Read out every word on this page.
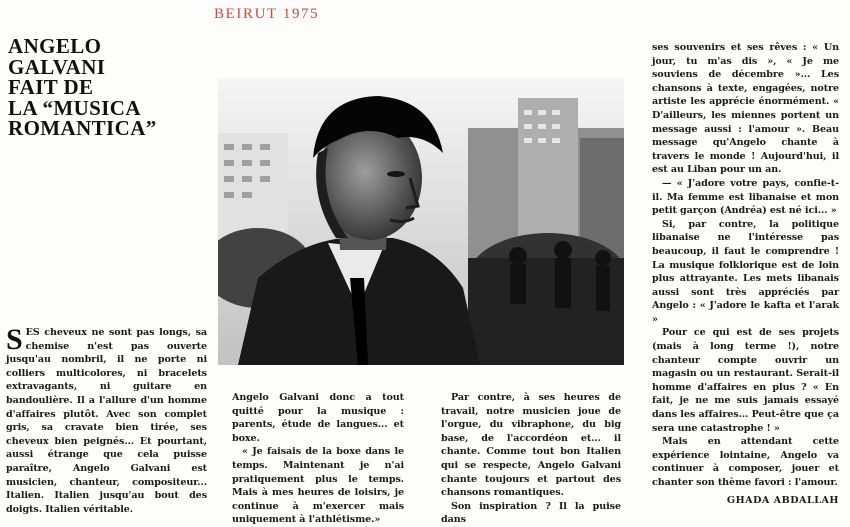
BEIRUT 1975
ANGELO
GALVANI
FAIT DE
LA “MUSICA
ROMANTICA”

SES cheveux ne sont pas longs, sa chemise n'est pas ouverte jusqu'au nombril, il ne porte ni colliers multicolores, ni bracelets extravagants, ni guitare en bandoulière. Il a l'allure d'un homme d'affaires plutôt. Avec son complet gris, sa cravate bien tirée, ses cheveux bien peignés... Et pourtant, aussi étrange que cela puisse paraître, Angelo Galvani est musicien, chanteur, compositeur... Italien. Italien jusqu'au bout des doigts. Italien véritable.

Angelo Galvani donc a tout quitté pour la musique : parents, étude de langues... et boxe.

« Je faisais de la boxe dans le temps. Maintenant je n'ai pratiquement plus le temps. Mais à mes heures de loisirs, je continue à m'exercer mais uniquement à l'athlétisme.»

Par contre, à ses heures de travail, notre musicien joue de l'orgue, du vibraphone, du big base, de l'accordéon et... il chante. Comme tout bon Italien qui se respecte, Angelo Galvani chante toujours et partout des chansons romantiques.

Son inspiration ? Il la puise dans

ses souvenirs et ses rêves : « Un jour, tu m'as dis », « Je me souviens de décembre »... Les chansons à texte, engagées, notre artiste les apprécie énormément. « D'ailleurs, les miennes portent un message aussi : l'amour ». Beau message qu'Angelo chante à travers le monde ! Aujourd'hui, il est au Liban pour un an.

— « J'adore votre pays, confie-t-il. Ma femme est libanaise et mon petit garçon (Andréa) est né ici... »

Si, par contre, la politique libanaise ne l'intéresse pas beaucoup, il faut le comprendre ! La musique folklorique est de loin plus attrayante. Les mets libanais aussi sont très appréciés par Angelo : « J'adore le kafta et l'arak »

Pour ce qui est de ses projets (mais à long terme !), notre chanteur compte ouvrir un magasin ou un restaurant. Serait-il homme d'affaires en plus ? « En fait, je ne me suis jamais essayé dans les affaires... Peut-être que ça sera une catastrophe ! »

Mais en attendant cette expérience lointaine, Angelo va continuer à composer, jouer et chanter son thème favori : l'amour.

GHADA ABDALLAH
